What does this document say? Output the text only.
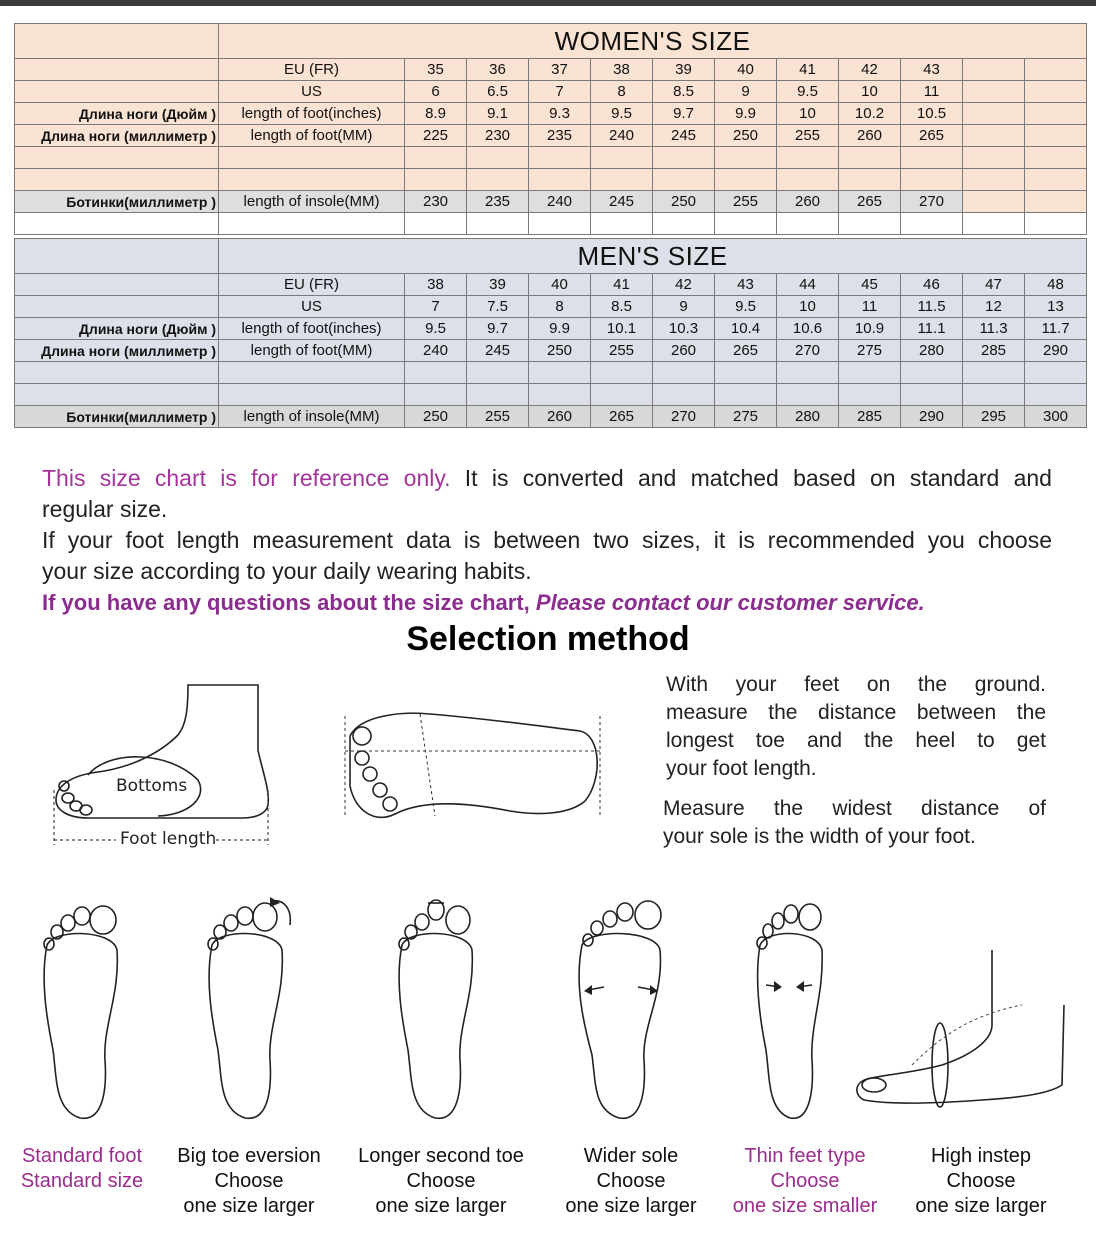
	WOMEN'S SIZE											
	EU (FR)	35	36	37	38	39	40	41	42	43		
	US	6	6.5	7	8	8.5	9	9.5	10	11		
Длина ноги (Дюйм )	length of foot(inches)	8.9	9.1	9.3	9.5	9.7	9.9	10	10.2	10.5		
Длина ноги (миллиметр )	length of foot(MM)	225	230	235	240	245	250	255	260	265		

Ботинки(миллиметр )	length of insole(MM)	230	235	240	245	250	255	260	265	270		

	MEN'S SIZE											
	EU (FR)	38	39	40	41	42	43	44	45	46	47	48
	US	7	7.5	8	8.5	9	9.5	10	11	11.5	12	13
Длина ноги (Дюйм )	length of foot(inches)	9.5	9.7	9.9	10.1	10.3	10.4	10.6	10.9	11.1	11.3	11.7
Длина ноги (миллиметр )	length of foot(MM)	240	245	250	255	260	265	270	275	280	285	290

Ботинки(миллиметр )	length of insole(MM)	250	255	260	265	270	275	280	285	290	295	300
This size chart is for reference only. It is converted and matched based on standard and
regular size.
If your foot length measurement data is between two sizes, it is recommended you choose
your size according to your daily wearing habits.
If you have any questions about the size chart, Please contact our customer service.
Selection method
Bottoms
Foot length
With your feet on the ground.
measure the distance between the
longest toe and the heel to get
your foot length.
Measure the widest distance of
your sole is the width of your foot.
Standard foot
Standard size
Big toe eversion
Choose
one size larger
Longer second toe
Choose
one size larger
Wider sole
Choose
one size larger
Thin feet type
Choose
one size smaller
High instep
Choose
one size larger
